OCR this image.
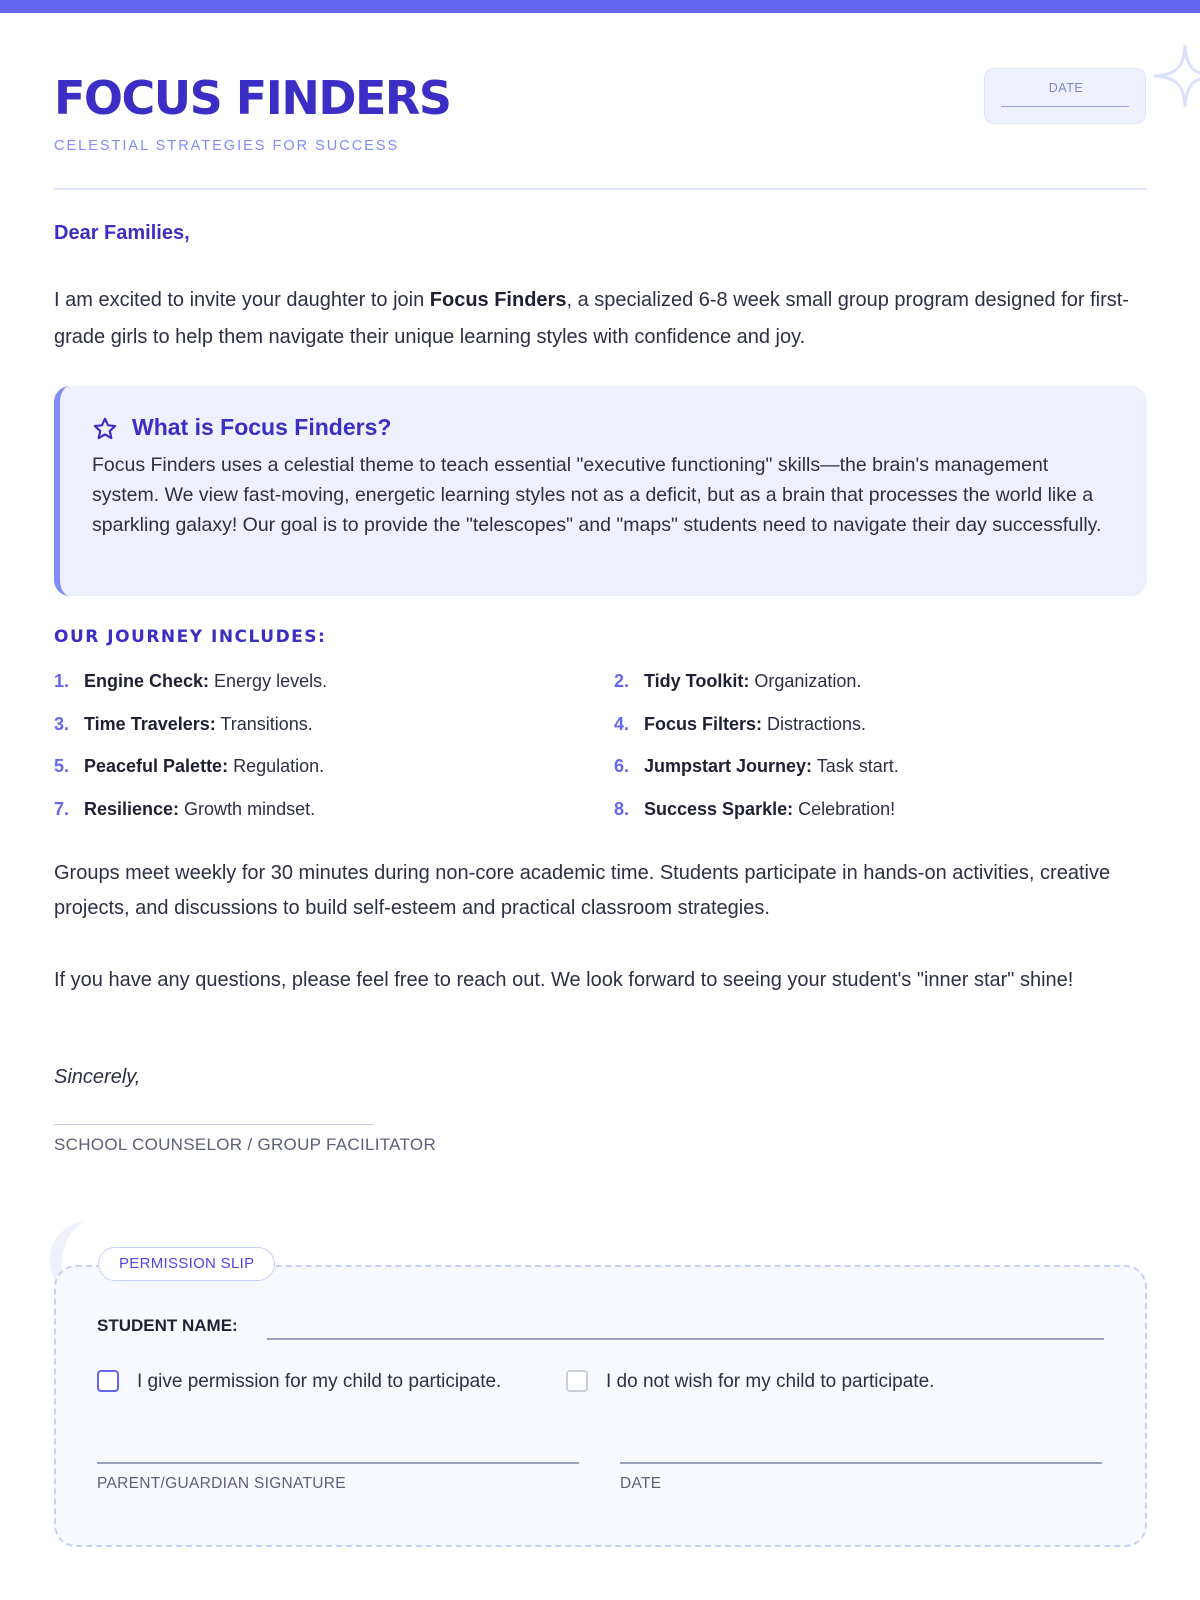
FOCUS FINDERS
CELESTIAL STRATEGIES FOR SUCCESS
DATE
Dear Families,
I am excited to invite your daughter to join Focus Finders, a specialized 6-8 week small group program designed for first-grade girls to help them navigate their unique learning styles with confidence and joy.
What is Focus Finders?
Focus Finders uses a celestial theme to teach essential "executive functioning" skills—the brain's management system. We view fast-moving, energetic learning styles not as a deficit, but as a brain that processes the world like a sparkling galaxy! Our goal is to provide the "telescopes" and "maps" students need to navigate their day successfully.
OUR JOURNEY INCLUDES:
1. Engine Check: Energy levels.	2. Tidy Toolkit: Organization.
3. Time Travelers: Transitions.	4. Focus Filters: Distractions.
5. Peaceful Palette: Regulation.	6. Jumpstart Journey: Task start.
7. Resilience: Growth mindset.	8. Success Sparkle: Celebration!
Groups meet weekly for 30 minutes during non-core academic time. Students participate in hands-on activities, creative projects, and discussions to build self-esteem and practical classroom strategies.
If you have any questions, please feel free to reach out. We look forward to seeing your student's "inner star" shine!
Sincerely,
SCHOOL COUNSELOR / GROUP FACILITATOR
PERMISSION SLIP
STUDENT NAME:
I give permission for my child to participate.	I do not wish for my child to participate.
PARENT/GUARDIAN SIGNATURE	DATE
